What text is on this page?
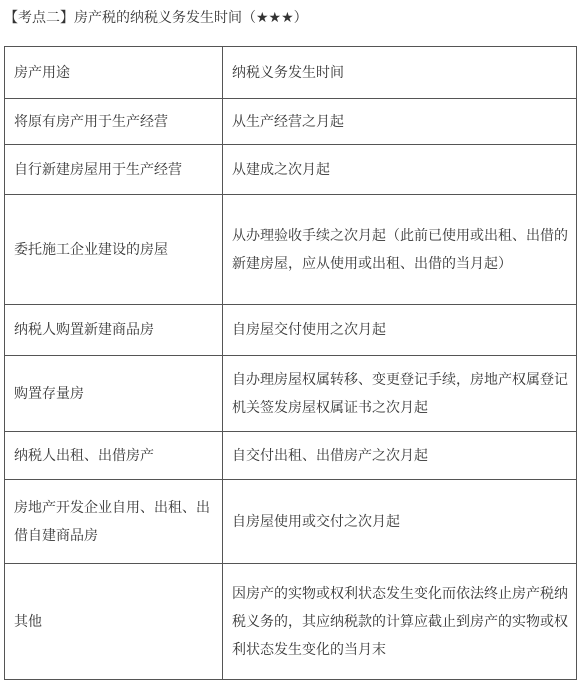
【考点二】房产税的纳税义务发生时间（★★★）
房产用途	纳税义务发生时间
将原有房产用于生产经营	从生产经营之月起
自行新建房屋用于生产经营	从建成之次月起
委托施工企业建设的房屋	从办理验收手续之次月起（此前已使用或出租、出借的新建房屋，应从使用或出租、出借的当月起）
纳税人购置新建商品房	自房屋交付使用之次月起
购置存量房	自办理房屋权属转移、变更登记手续，房地产权属登记机关签发房屋权属证书之次月起
纳税人出租、出借房产	自交付出租、出借房产之次月起
房地产开发企业自用、出租、出借自建商品房	自房屋使用或交付之次月起
其他	因房产的实物或权利状态发生变化而依法终止房产税纳税义务的，其应纳税款的计算应截止到房产的实物或权利状态发生变化的当月末
